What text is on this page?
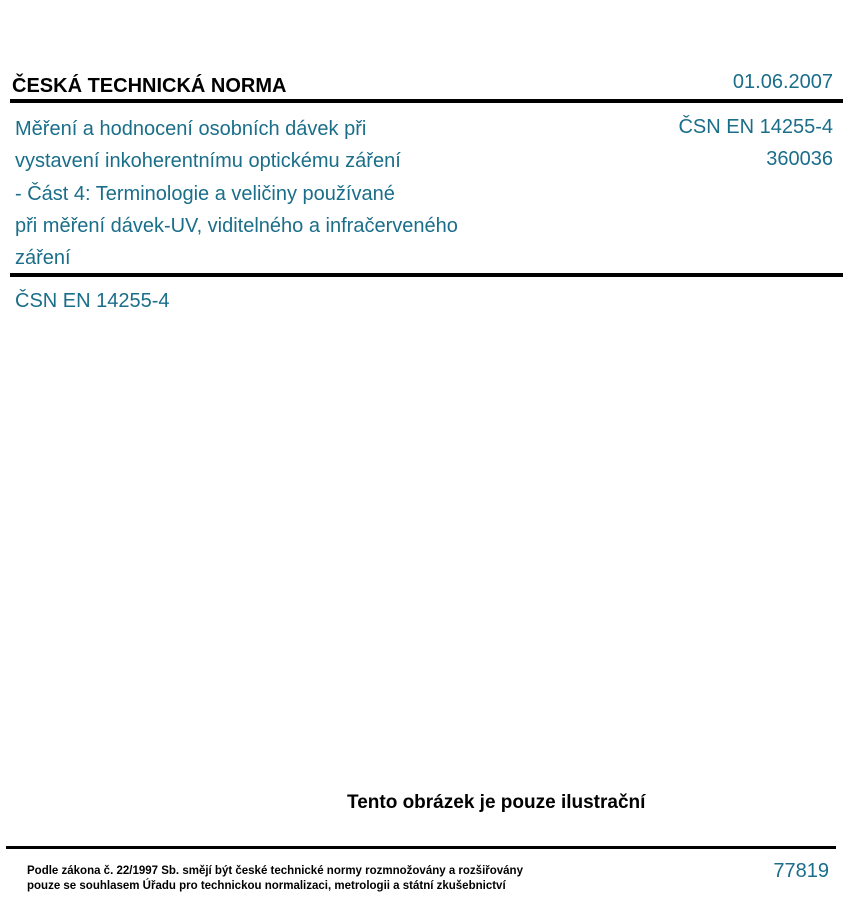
ČESKÁ TECHNICKÁ NORMA	01.06.2007
Měření a hodnocení osobních dávek při
vystavení inkoherentnímu optickému záření
- Část 4: Terminologie a veličiny používané
při měření dávek-UV, viditelného a infračerveného
záření
ČSN EN 14255-4
360036
ČSN EN 14255-4
Tento obrázek je pouze ilustrační
Podle zákona č. 22/1997 Sb. smějí být české technické normy rozmnožovány a rozšiřovány
pouze se souhlasem Úřadu pro technickou normalizaci, metrologii a státní zkušebnictví
77819
